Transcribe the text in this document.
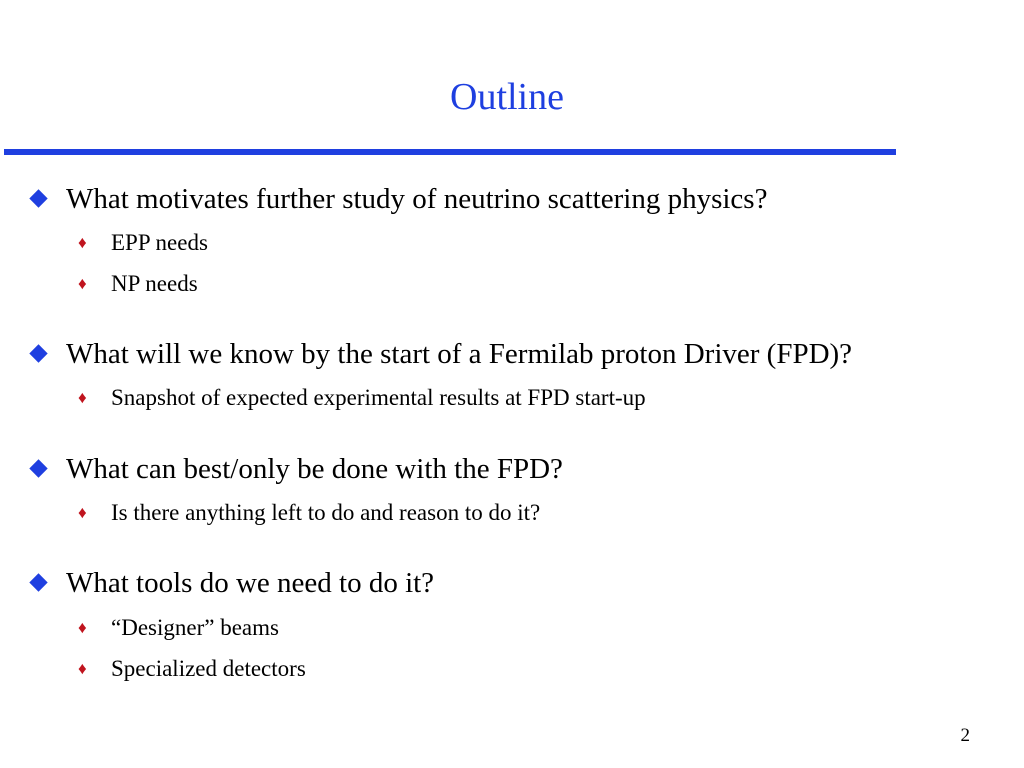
Outline
What motivates further study of neutrino scattering physics?
♦ EPP needs
♦ NP needs
What will we know by the start of a Fermilab proton Driver (FPD)?
♦ Snapshot of expected experimental results at FPD start-up
What can best/only be done with the FPD?
♦ Is there anything left to do and reason to do it?
What tools do we need to do it?
♦ “Designer” beams
♦ Specialized detectors
2
